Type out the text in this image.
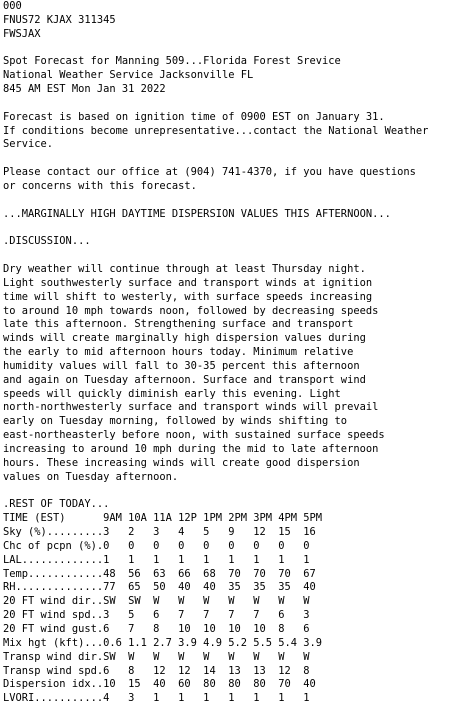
000
FNUS72 KJAX 311345
FWSJAX
Spot Forecast for Manning 509...Florida Forest Srevice
National Weather Service Jacksonville FL
845 AM EST Mon Jan 31 2022
Forecast is based on ignition time of 0900 EST on January 31.
If conditions become unrepresentative...contact the National Weather
Service.
Please contact our office at (904) 741-4370, if you have questions
or concerns with this forecast.
...MARGINALLY HIGH DAYTIME DISPERSION VALUES THIS AFTERNOON...
.DISCUSSION...
Dry weather will continue through at least Thursday night.
Light southwesterly surface and transport winds at ignition
time will shift to westerly, with surface speeds increasing
to around 10 mph towards noon, followed by decreasing speeds
late this afternoon. Strengthening surface and transport
winds will create marginally high dispersion values during
the early to mid afternoon hours today. Minimum relative
humidity values will fall to 30-35 percent this afternoon
and again on Tuesday afternoon. Surface and transport wind
speeds will quickly diminish early this evening. Light
north-northwesterly surface and transport winds will prevail
early on Tuesday morning, followed by winds shifting to
east-northeasterly before noon, with sustained surface speeds
increasing to around 10 mph during the mid to late afternoon
hours. These increasing winds will create good dispersion
values on Tuesday afternoon.
.REST OF TODAY...
TIME (EST)      9AM 10A 11A 12P 1PM 2PM 3PM 4PM 5PM
Sky (%).........3   2   3   4   5   9   12  15  16
Chc of pcpn (%).0   0   0   0   0   0   0   0   0
LAL.............1   1   1   1   1   1   1   1   1
Temp............48  56  63  66  68  70  70  70  67
RH..............77  65  50  40  40  35  35  35  40
20 FT wind dir..SW  SW  W   W   W   W   W   W   W
20 FT wind spd..3   5   6   7   7   7   7   6   3
20 FT wind gust.6   7   8   10  10  10  10  8   6
Mix hgt (kft)...0.6 1.1 2.7 3.9 4.9 5.2 5.5 5.4 3.9
Transp wind dir.SW  W   W   W   W   W   W   W   W
Transp wind spd.6   8   12  12  14  13  13  12  8
Dispersion idx..10  15  40  60  80  80  80  70  40
LVORI...........4   3   1   1   1   1   1   1   1
